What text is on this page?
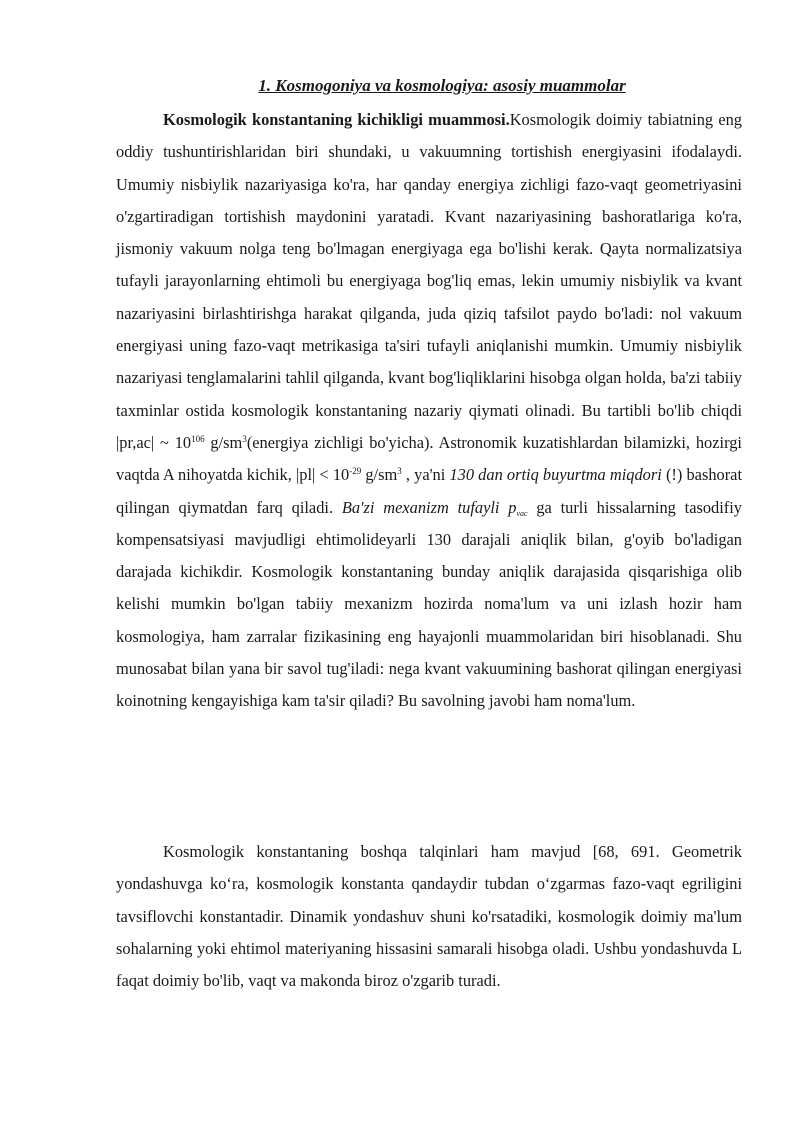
1. Kosmogoniya va kosmologiya: asosiy muammolar
Kosmologik konstantaning kichikligi muammosi.Kosmologik doimiy tabiatning eng oddiy tushuntirishlaridan biri shundaki, u vakuumning tortishish energiyasini ifodalaydi. Umumiy nisbiylik nazariyasiga ko'ra, har qanday energiya zichligi fazo-vaqt geometriyasini o'zgartiradigan tortishish maydonini yaratadi. Kvant nazariyasining bashoratlariga ko'ra, jismoniy vakuum nolga teng bo'lmagan energiyaga ega bo'lishi kerak. Qayta normalizatsiya tufayli jarayonlarning ehtimoli bu energiyaga bog'liq emas, lekin umumiy nisbiylik va kvant nazariyasini birlashtirishga harakat qilganda, juda qiziq tafsilot paydo bo'ladi: nol vakuum energiyasi uning fazo-vaqt metrikasiga ta'siri tufayli aniqlanishi mumkin. Umumiy nisbiylik nazariyasi tenglamalarini tahlil qilganda, kvant bog'liqliklarini hisobga olgan holda, ba'zi tabiiy taxminlar ostida kosmologik konstantaning nazariy qiymati olinadi. Bu tartibli bo'lib chiqdi |pr,ac| ~ $10^{106}$ $g/sm^3(energiya$ zichligi bo'yicha). Astronomik kuzatishlardan bilamizki, hozirgi vaqtda A nihoyatda kichik, $|pl| < 10^{-29}$ $g/sm^3$ , ya'ni 130 dan ortiq buyurtma miqdori (!) bashorat qilingan qiymatdan farq qiladi. Ba'zi mexanizm tufayli $p_{vac}$ ga turli hissalarning tasodifiy kompensatsiyasi mavjudligi ehtimolideyarli 130 darajali aniqlik bilan, g'oyib bo'ladigan darajada kichikdir. Kosmologik konstantaning bunday aniqlik darajasida qisqarishiga olib kelishi mumkin bo'lgan tabiiy mexanizm hozirda noma'lum va uni izlash hozir ham kosmologiya, ham zarralar fizikasining eng hayajonli muammolaridan biri hisoblanadi. Shu munosabat bilan yana bir savol tug'iladi: nega kvant vakuumining bashorat qilingan energiyasi koinotning kengayishiga kam ta'sir qiladi? Bu savolning javobi ham noma'lum.
Kosmologik konstantaning boshqa talqinlari ham mavjud [68, 691. Geometrik yondashuvga ko‘ra, kosmologik konstanta qandaydir tubdan o‘zgarmas fazo-vaqt egriligini tavsiflovchi konstantadir. Dinamik yondashuv shuni ko'rsatadiki, kosmologik doimiy ma'lum sohalarning yoki ehtimol materiyaning hissasini samarali hisobga oladi. Ushbu yondashuvda L faqat doimiy bo'lib, vaqt va makonda biroz o'zgarib turadi.
